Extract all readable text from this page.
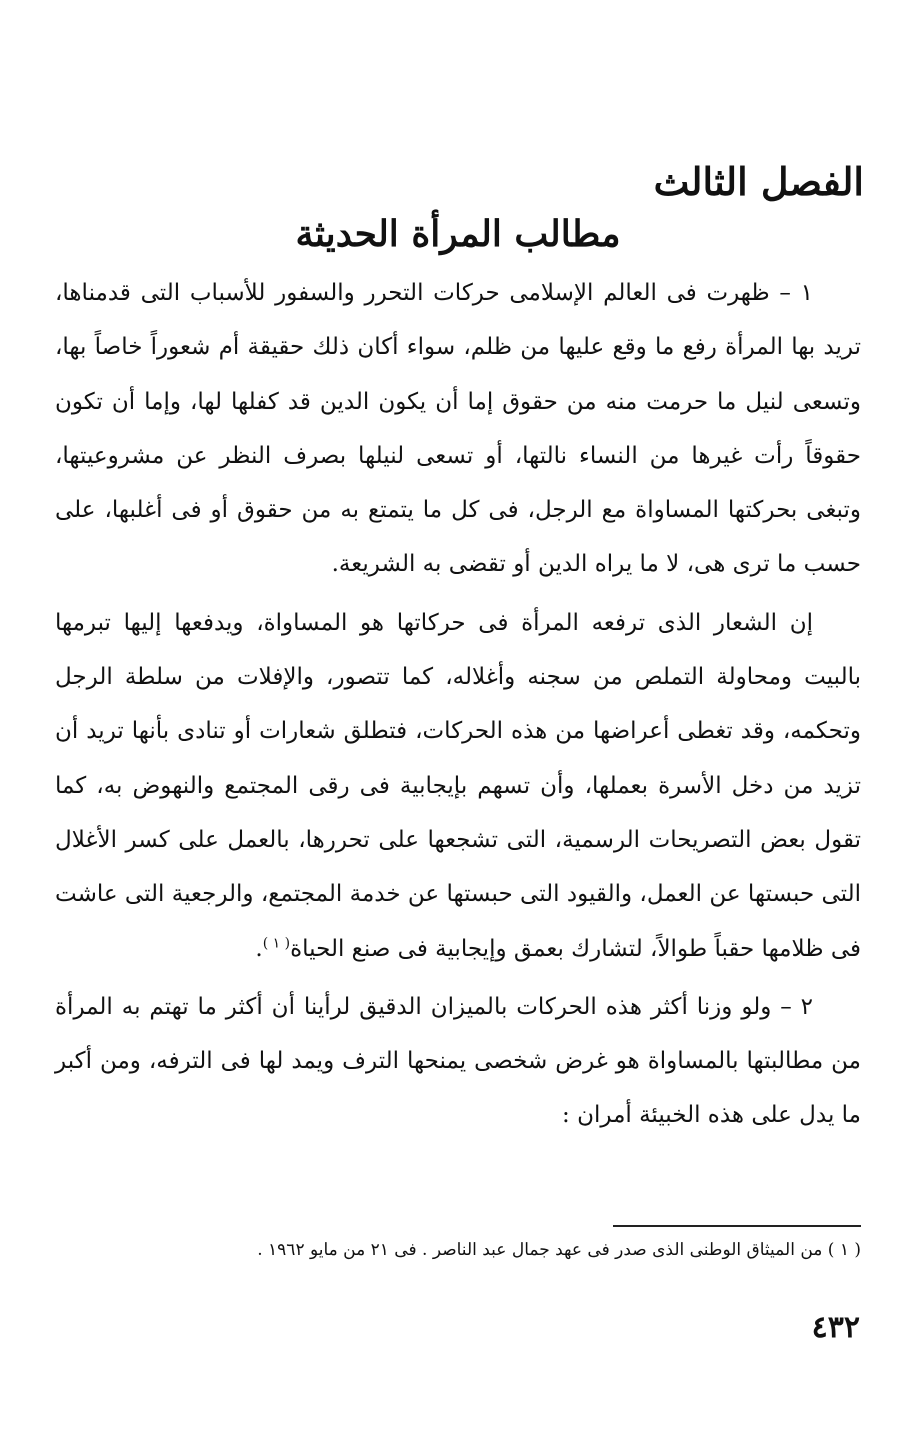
الفصل الثالث
مطالب المرأة الحديثة

١ – ظهرت فى العالم الإسلامى حركات التحرر والسفور للأسباب التى قدمناها، تريد بها المرأة رفع ما وقع عليها من ظلم، سواء أكان ذلك حقيقة أم شعوراً خاصاً بها، وتسعى لنيل ما حرمت منه من حقوق إما أن يكون الدين قد كفلها لها، وإما أن تكون حقوقاً رأت غيرها من النساء نالتها، أو تسعى لنيلها بصرف النظر عن مشروعيتها، وتبغى بحركتها المساواة مع الرجل، فى كل ما يتمتع به من حقوق أو فى أغلبها، على حسب ما ترى هى، لا ما يراه الدين أو تقضى به الشريعة.

إن الشعار الذى ترفعه المرأة فى حركاتها هو المساواة، ويدفعها إليها تبرمها بالبيت ومحاولة التملص من سجنه وأغلاله، كما تتصور، والإفلات من سلطة الرجل وتحكمه، وقد تغطى أعراضها من هذه الحركات، فتطلق شعارات أو تنادى بأنها تريد أن تزيد من دخل الأسرة بعملها، وأن تسهم بإيجابية فى رقى المجتمع والنهوض به، كما تقول بعض التصريحات الرسمية، التى تشجعها على تحررها، بالعمل على كسر الأغلال التى حبستها عن العمل، والقيود التى حبستها عن خدمة المجتمع، والرجعية التى عاشت فى ظلامها حقباً طوالاً، لتشارك بعمق وإيجابية فى صنع الحياة$^{( ١ )}$.

٢ – ولو وزنا أكثر هذه الحركات بالميزان الدقيق لرأينا أن أكثر ما تهتم به المرأة من مطالبتها بالمساواة هو غرض شخصى يمنحها الترف ويمد لها فى الترفه، ومن أكبر ما يدل على هذه الخبيئة أمران :

( ١ ) من الميثاق الوطنى الذى صدر فى عهد جمال عبد الناصر . فى ٢١ من مايو ١٩٦٢ .

٤٣٢
